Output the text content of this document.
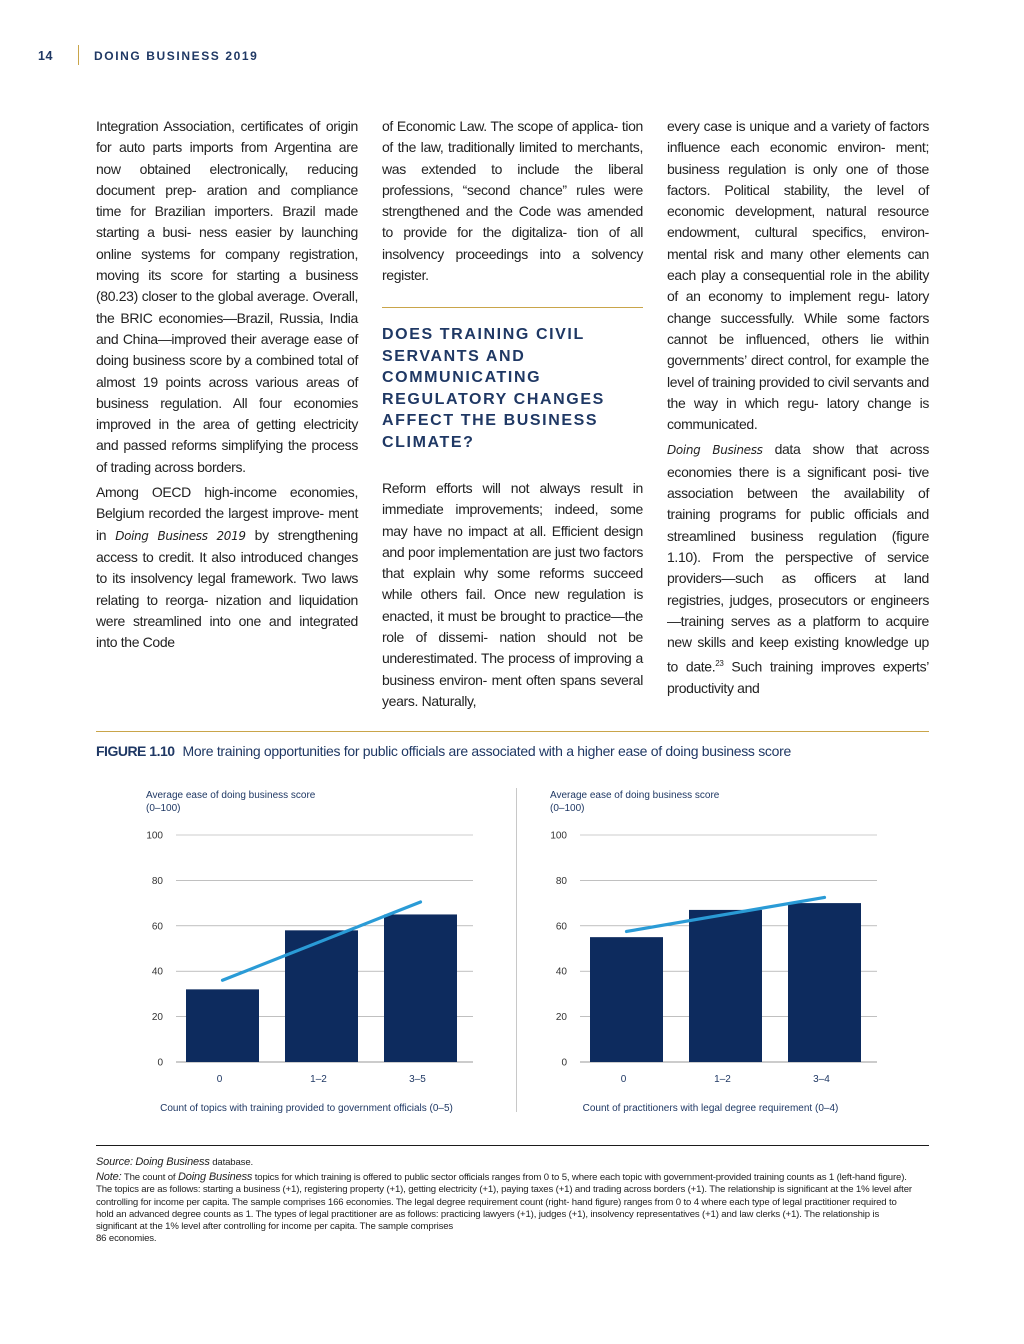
14	DOING BUSINESS 2019

Integration Association, certificates of origin for auto parts imports from Argentina are now obtained electronically, reducing document prep- aration and compliance time for Brazilian importers. Brazil made starting a busi- ness easier by launching online systems for company registration, moving its score for starting a business (80.23) closer to the global average. Overall, the BRIC economies—Brazil, Russia, India and China—improved their average ease of doing business score by a combined total of almost 19 points across various areas of business regulation. All four economies improved in the area of getting electricity and passed reforms simplifying the process of trading across borders.

Among OECD high-income economies, Belgium recorded the largest improve- ment in Doing Business 2019 by strengthening access to credit. It also introduced changes to its insolvency legal framework. Two laws relating to reorga- nization and liquidation were streamlined into one and integrated into the Code

of Economic Law. The scope of applica- tion of the law, traditionally limited to merchants, was extended to include the liberal professions, “second chance” rules were strengthened and the Code was amended to provide for the digitaliza- tion of all insolvency proceedings into a solvency register.

DOES TRAINING CIVIL SERVANTS AND COMMUNICATING REGULATORY CHANGES AFFECT THE BUSINESS CLIMATE?

Reform efforts will not always result in immediate improvements; indeed, some may have no impact at all. Efficient design and poor implementation are just two factors that explain why some reforms succeed while others fail. Once new regulation is enacted, it must be brought to practice—the role of dissemi- nation should not be underestimated. The process of improving a business environ- ment often spans several years. Naturally,

every case is unique and a variety of factors influence each economic environ- ment; business regulation is only one of those factors. Political stability, the level of economic development, natural resource endowment, cultural specifics, environ- mental risk and many other elements can each play a consequential role in the ability of an economy to implement regu- latory change successfully. While some factors cannot be influenced, others lie within governments’ direct control, for example the level of training provided to civil servants and the way in which regu- latory change is communicated.

Doing Business data show that across economies there is a significant posi- tive association between the availability of training programs for public officials and streamlined business regulation (figure 1.10). From the perspective of service providers—such as officers at land registries, judges, prosecutors or engineers—training serves as a platform to acquire new skills and keep existing knowledge up to date.$^{23}$ Such training improves experts’ productivity and

FIGURE 1.10 More training opportunities for public officials are associated with a higher ease of doing business score
Average ease of doing business score
(0–100)
0
20
40
60
80
100
0	1–2	3–5
Count of topics with training provided to government officials (0–5)
Average ease of doing business score
(0–100)
0
20
40
60
80
100
0	1–2	3–4
Count of practitioners with legal degree requirement (0–4)
Source: Doing Business database.
Note: The count of Doing Business topics for which training is offered to public sector officials ranges from 0 to 5, where each topic with government-provided training counts as 1 (left-hand figure). The topics are as follows: starting a business (+1), registering property (+1), getting electricity (+1), paying taxes (+1) and trading across borders (+1). The relationship is significant at the 1% level after controlling for income per capita. The sample comprises 166 economies. The legal degree requirement count (right- hand figure) ranges from 0 to 4 where each type of legal practitioner required to hold an advanced degree counts as 1. The types of legal practitioner are as follows: practicing lawyers (+1), judges (+1), insolvency representatives (+1) and law clerks (+1). The relationship is significant at the 1% level after controlling for income per capita. The sample comprises
86 economies.
